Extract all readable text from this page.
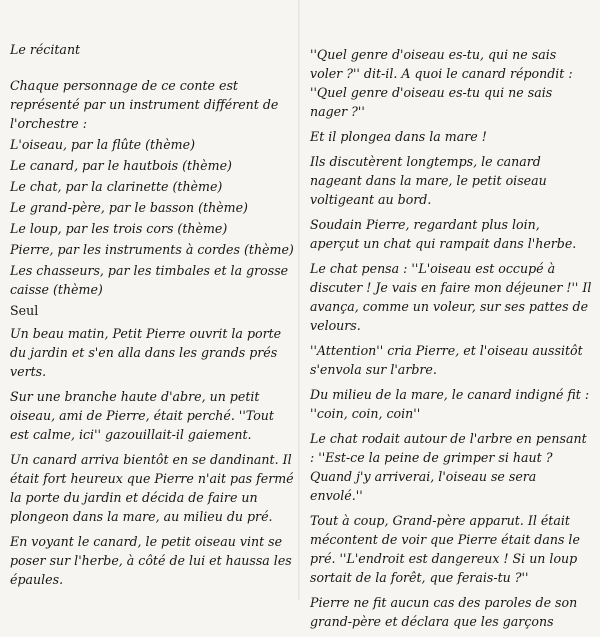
Le récitant

Chaque personnage de ce conte est représenté par un instrument différent de l'orchestre :

L'oiseau, par la flûte (thème)

Le canard, par le hautbois (thème)

Le chat, par la clarinette (thème)

Le grand-père, par le basson (thème)

Le loup, par les trois cors (thème)

Pierre, par les instruments à cordes (thème)

Les chasseurs, par les timbales et la grosse caisse (thème)

Seul

Un beau matin, Petit Pierre ouvrit la porte du jardin et s'en alla dans les grands prés verts.

Sur une branche haute d'abre, un petit oiseau, ami de Pierre, était perché. ''Tout est calme, ici'' gazouillait-il gaiement.

Un canard arriva bientôt en se dandinant. Il était fort heureux que Pierre n'ait pas fermé la porte du jardin et décida de faire un plongeon dans la mare, au milieu du pré.

En voyant le canard, le petit oiseau vint se poser sur l'herbe, à côté de lui et haussa les épaules.

''Quel genre d'oiseau es-tu, qui ne sais voler ?'' dit-il. A quoi le canard répondit : ''Quel genre d'oiseau es-tu qui ne sais nager ?''

Et il plongea dans la mare !

Ils discutèrent longtemps, le canard nageant dans la mare, le petit oiseau voltigeant au bord.

Soudain Pierre, regardant plus loin, aperçut un chat qui rampait dans l'herbe.

Le chat pensa : ''L'oiseau est occupé à discuter ! Je vais en faire mon déjeuner !'' Il avança, comme un voleur, sur ses pattes de velours.

''Attention'' cria Pierre, et l'oiseau aussitôt s'envola sur l'arbre.

Du milieu de la mare, le canard indigné fit : ''coin, coin, coin''

Le chat rodait autour de l'arbre en pensant : ''Est-ce la peine de grimper si haut ? Quand j'y arriverai, l'oiseau se sera envolé.''

Tout à coup, Grand-père apparut. Il était mécontent de voir que Pierre était dans le pré. ''L'endroit est dangereux ! Si un loup sortait de la forêt, que ferais-tu ?''

Pierre ne fit aucun cas des paroles de son grand-père et déclara que les garçons
